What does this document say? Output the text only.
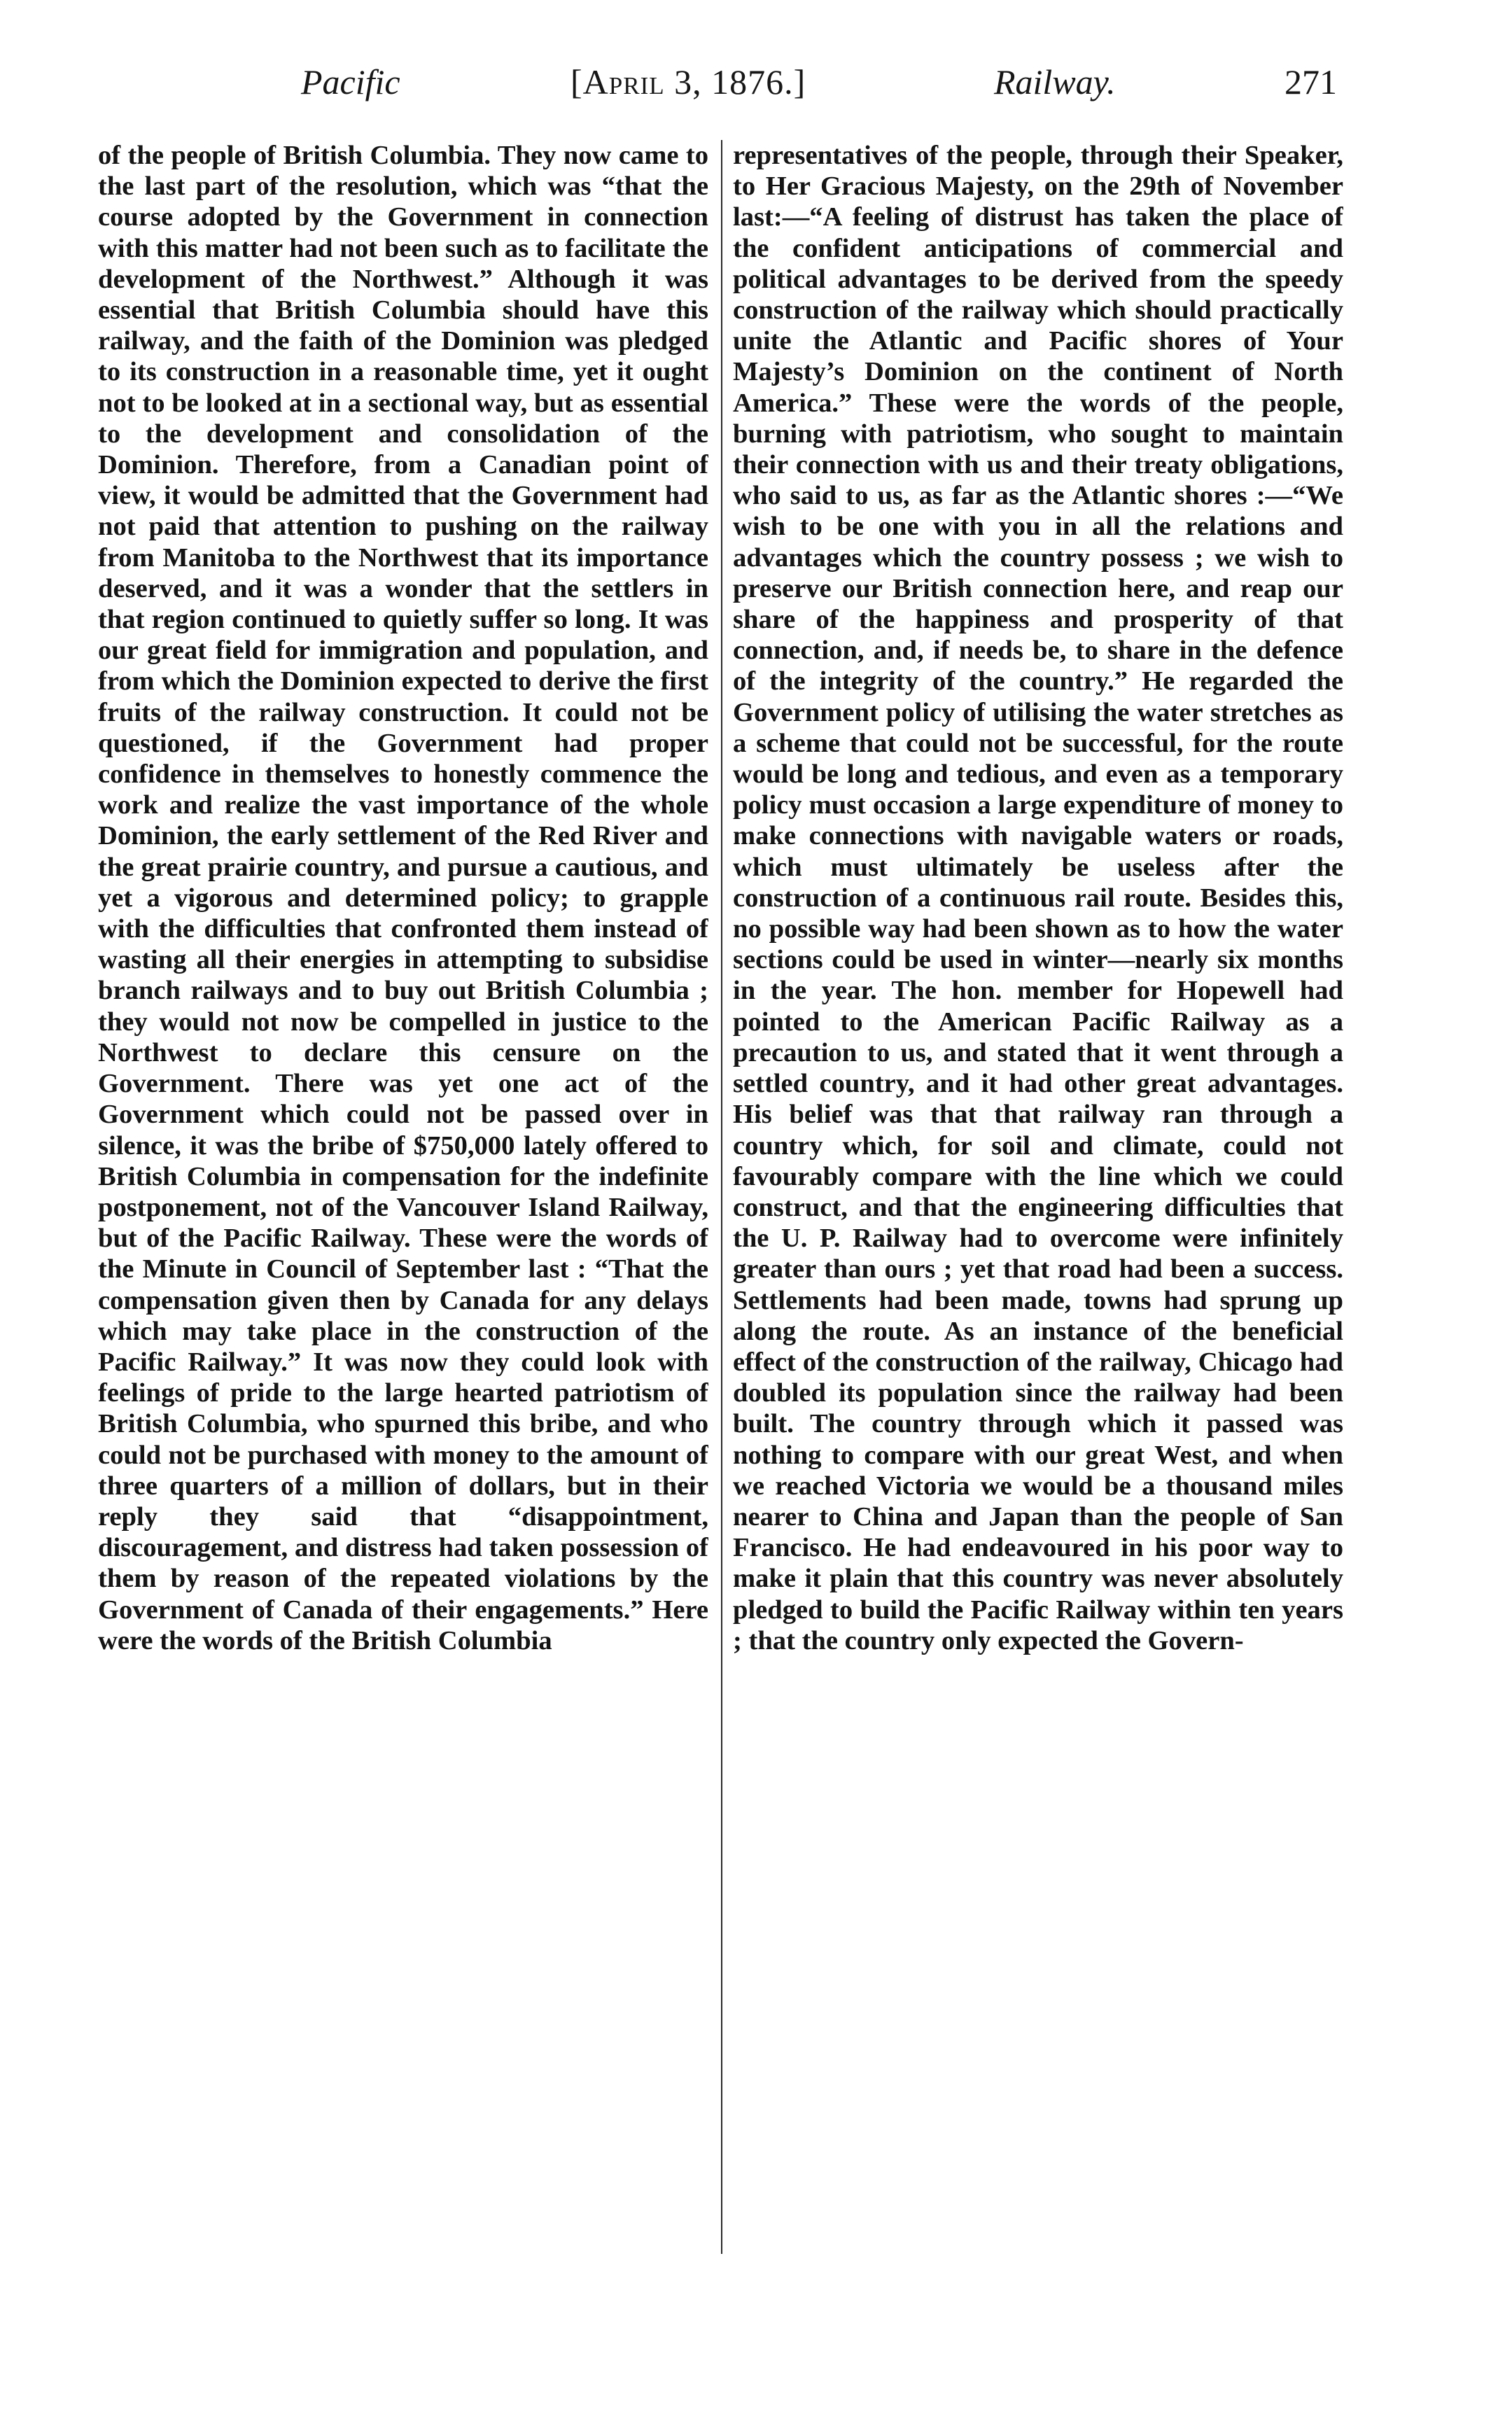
Pacific	[April 3, 1876.]	Railway.	271

of the people of British Columbia. They now came to the last part of the resolution, which was “that the course adopted by the Government in connection with this matter had not been such as to facilitate the development of the Northwest.” Although it was essential that British Columbia should have this railway, and the faith of the Dominion was pledged to its construction in a reasonable time, yet it ought not to be looked at in a sectional way, but as essential to the development and consolidation of the Dominion. Therefore, from a Canadian point of view, it would be admitted that the Government had not paid that attention to pushing on the railway from Manitoba to the Northwest that its importance deserved, and it was a wonder that the settlers in that region continued to quietly suffer so long. It was our great field for immigration and population, and from which the Dominion expected to derive the first fruits of the railway construction. It could not be questioned, if the Government had proper confidence in themselves to honestly commence the work and realize the vast importance of the whole Dominion, the early settlement of the Red River and the great prairie country, and pursue a cautious, and yet a vigorous and determined policy; to grapple with the difficulties that confronted them instead of wasting all their energies in attempting to subsidise branch railways and to buy out British Columbia ; they would not now be compelled in justice to the Northwest to declare this censure on the Government. There was yet one act of the Government which could not be passed over in silence, it was the bribe of $750,000 lately offered to British Columbia in compensation for the indefinite postponement, not of the Vancouver Island Railway, but of the Pacific Railway. These were the words of the Minute in Council of September last : “That the compensation given then by Canada for any delays which may take place in the construction of the Pacific Railway.” It was now they could look with feelings of pride to the large hearted patriotism of British Columbia, who spurned this bribe, and who could not be purchased with money to the amount of three quarters of a million of dollars, but in their reply they said that “disappointment, discouragement, and distress had taken possession of them by reason of the repeated violations by the Government of Canada of their engagements.” Here were the words of the British Columbia

representatives of the people, through their Speaker, to Her Gracious Majesty, on the 29th of November last:—“A feeling of distrust has taken the place of the confident anticipations of commercial and political advantages to be derived from the speedy construction of the railway which should practically unite the Atlantic and Pacific shores of Your Majesty’s Dominion on the continent of North America.” These were the words of the people, burning with patriotism, who sought to maintain their connection with us and their treaty obligations, who said to us, as far as the Atlantic shores :—“We wish to be one with you in all the relations and advantages which the country possess ; we wish to preserve our British connection here, and reap our share of the happiness and prosperity of that connection, and, if needs be, to share in the defence of the integrity of the country.” He regarded the Government policy of utilising the water stretches as a scheme that could not be successful, for the route would be long and tedious, and even as a temporary policy must occasion a large expenditure of money to make connections with navigable waters or roads, which must ultimately be useless after the construction of a continuous rail route. Besides this, no possible way had been shown as to how the water sections could be used in winter—nearly six months in the year. The hon. member for Hopewell had pointed to the American Pacific Railway as a precaution to us, and stated that it went through a settled country, and it had other great advantages. His belief was that that railway ran through a country which, for soil and climate, could not favourably compare with the line which we could construct, and that the engineering difficulties that the U. P. Railway had to overcome were infinitely greater than ours ; yet that road had been a success. Settlements had been made, towns had sprung up along the route. As an instance of the beneficial effect of the construction of the railway, Chicago had doubled its population since the railway had been built. The country through which it passed was nothing to compare with our great West, and when we reached Victoria we would be a thousand miles nearer to China and Japan than the people of San Francisco. He had endeavoured in his poor way to make it plain that this country was never absolutely pledged to build the Pacific Railway within ten years ; that the country only expected the Govern-
